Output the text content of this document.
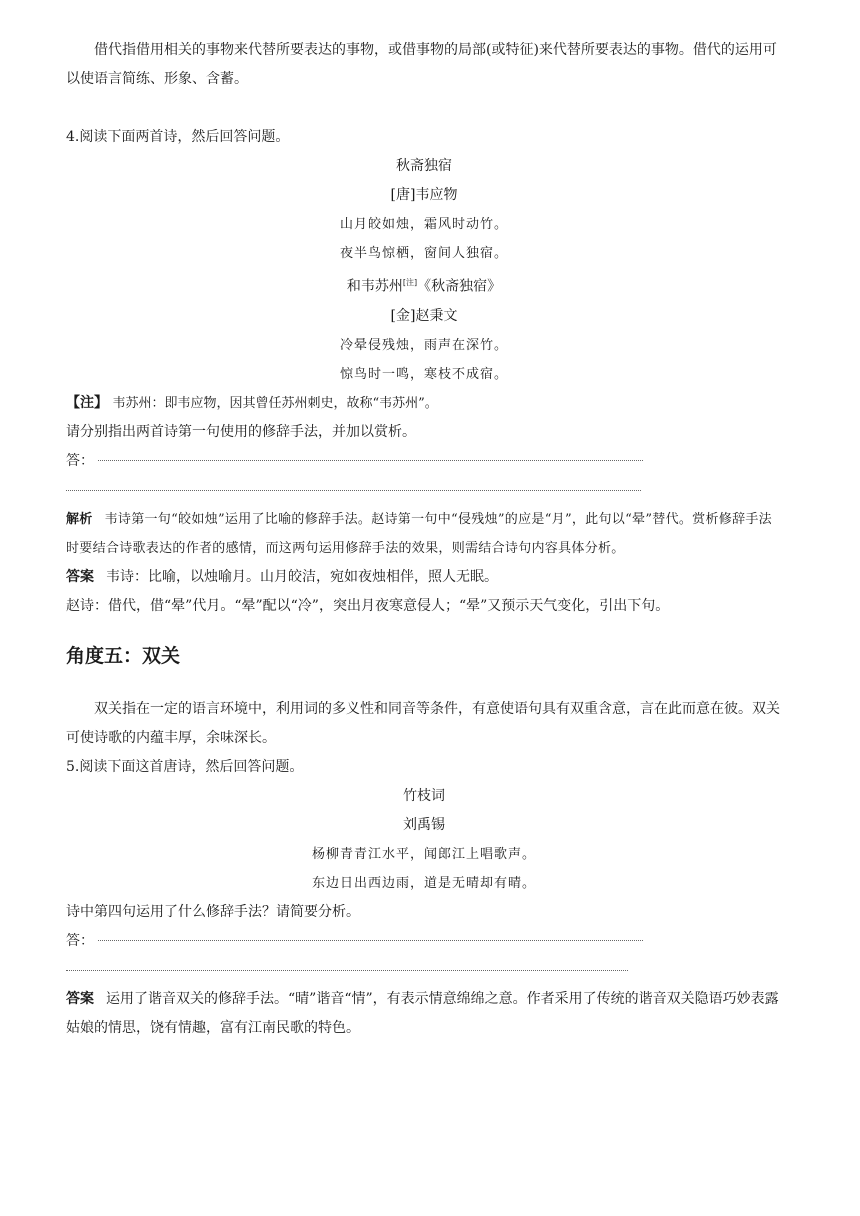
借代指借用相关的事物来代替所要表达的事物，或借事物的局部(或特征)来代替所要表达的事物。借代的运用可以使语言简练、形象、含蓄。

4.阅读下面两首诗，然后回答问题。

秋斋独宿

[唐]韦应物

山月皎如烛，霜风时动竹。

夜半鸟惊栖，窗间人独宿。

和韦苏州[注]《秋斋独宿》

[金]赵秉文

冷晕侵残烛，雨声在深竹。

惊鸟时一鸣，寒枝不成宿。

【注】 韦苏州：即韦应物，因其曾任苏州刺史，故称“韦苏州”。

请分别指出两首诗第一句使用的修辞手法，并加以赏析。

答：

解析 韦诗第一句“皎如烛”运用了比喻的修辞手法。赵诗第一句中“侵残烛”的应是“月”，此句以“晕”替代。赏析修辞手法时要结合诗歌表达的作者的感情，而这两句运用修辞手法的效果，则需结合诗句内容具体分析。

答案 韦诗：比喻，以烛喻月。山月皎洁，宛如夜烛相伴，照人无眠。

赵诗：借代，借“晕”代月。“晕”配以“冷”，突出月夜寒意侵人；“晕”又预示天气变化，引出下句。

角度五：双关

双关指在一定的语言环境中，利用词的多义性和同音等条件，有意使语句具有双重含意，言在此而意在彼。双关可使诗歌的内蕴丰厚，余味深长。

5.阅读下面这首唐诗，然后回答问题。

竹枝词

刘禹锡

杨柳青青江水平，闻郎江上唱歌声。

东边日出西边雨，道是无晴却有晴。

诗中第四句运用了什么修辞手法？请简要分析。

答：

答案 运用了谐音双关的修辞手法。“晴”谐音“情”，有表示情意绵绵之意。作者采用了传统的谐音双关隐语巧妙表露姑娘的情思，饶有情趣，富有江南民歌的特色。
